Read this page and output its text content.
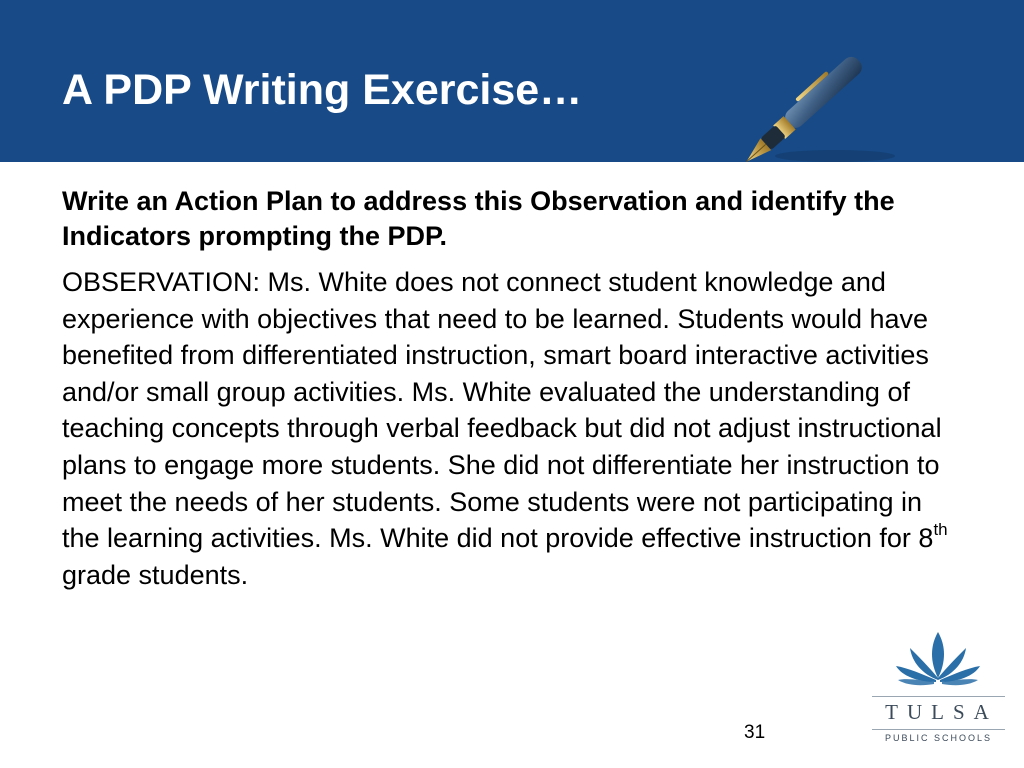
A PDP Writing Exercise…

Write an Action Plan to address this Observation and identify the Indicators prompting the PDP.

OBSERVATION: Ms. White does not connect student knowledge and experience with objectives that need to be learned. Students would have benefited from differentiated instruction, smart board interactive activities and/or small group activities. Ms. White evaluated the understanding of teaching concepts through verbal feedback but did not adjust instructional plans to engage more students. She did not differentiate her instruction to meet the needs of her students. Some students were not participating in the learning activities. Ms. White did not provide effective instruction for 8th grade students.

31
TULSA
PUBLIC SCHOOLS
